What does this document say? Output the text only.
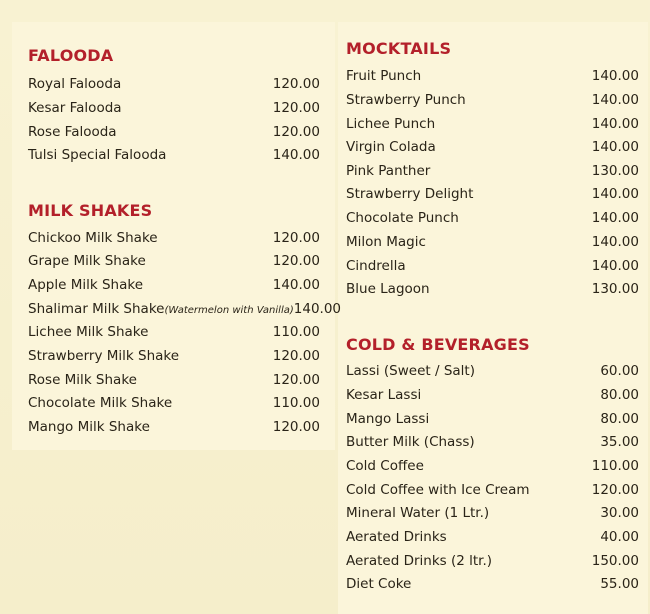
FALOODA
Royal Falooda	120.00
Kesar Falooda	120.00
Rose Falooda	120.00
Tulsi Special Falooda	140.00
MILK SHAKES
Chickoo Milk Shake	120.00
Grape Milk Shake	120.00
Apple Milk Shake	140.00
Shalimar Milk Shake (Watermelon with Vanilla) 140.00
Lichee Milk Shake	110.00
Strawberry Milk Shake	120.00
Rose Milk Shake	120.00
Chocolate Milk Shake	110.00
Mango Milk Shake	120.00
MOCKTAILS
Fruit Punch	140.00
Strawberry Punch	140.00
Lichee Punch	140.00
Virgin Colada	140.00
Pink Panther	130.00
Strawberry Delight	140.00
Chocolate Punch	140.00
Milon Magic	140.00
Cindrella	140.00
Blue Lagoon	130.00
COLD & BEVERAGES
Lassi (Sweet / Salt)	60.00
Kesar Lassi	80.00
Mango Lassi	80.00
Butter Milk (Chass)	35.00
Cold Coffee	110.00
Cold Coffee with Ice Cream	120.00
Mineral Water (1 Ltr.)	30.00
Aerated Drinks	40.00
Aerated Drinks (2 ltr.)	150.00
Diet Coke	55.00
